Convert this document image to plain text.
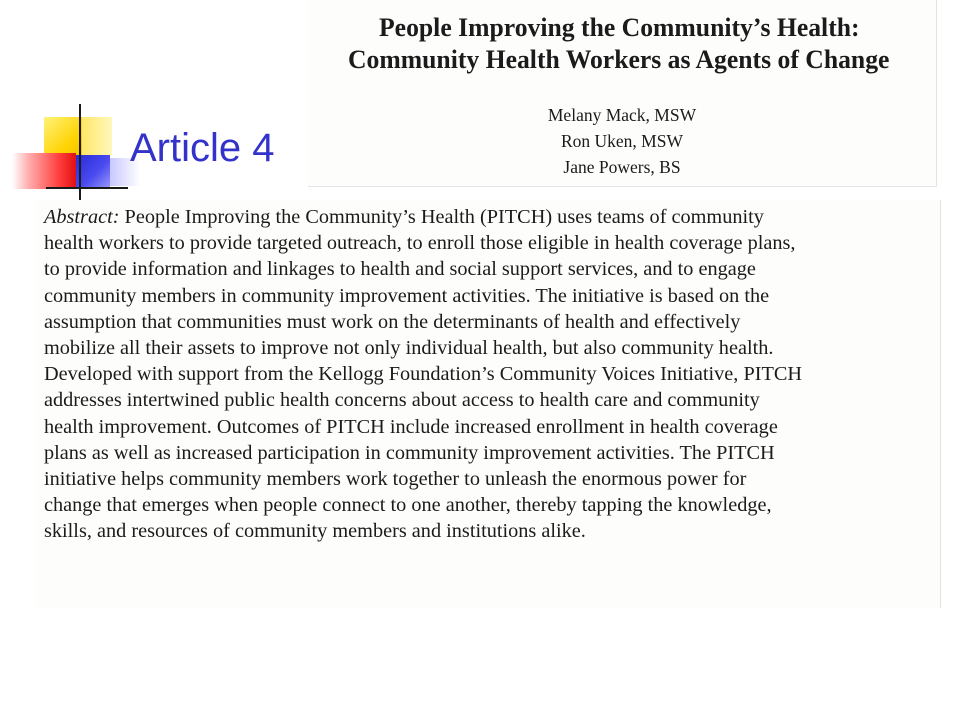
Article 4
People Improving the Community’s Health: Community Health Workers as Agents of Change
Melany Mack, MSW
Ron Uken, MSW
Jane Powers, BS
Abstract: People Improving the Community’s Health (PITCH) uses teams of community
health workers to provide targeted outreach, to enroll those eligible in health coverage plans,
to provide information and linkages to health and social support services, and to engage
community members in community improvement activities. The initiative is based on the
assumption that communities must work on the determinants of health and effectively
mobilize all their assets to improve not only individual health, but also community health.
Developed with support from the Kellogg Foundation’s Community Voices Initiative, PITCH
addresses intertwined public health concerns about access to health care and community
health improvement. Outcomes of PITCH include increased enrollment in health coverage
plans as well as increased participation in community improvement activities. The PITCH
initiative helps community members work together to unleash the enormous power for
change that emerges when people connect to one another, thereby tapping the knowledge,
skills, and resources of community members and institutions alike.
